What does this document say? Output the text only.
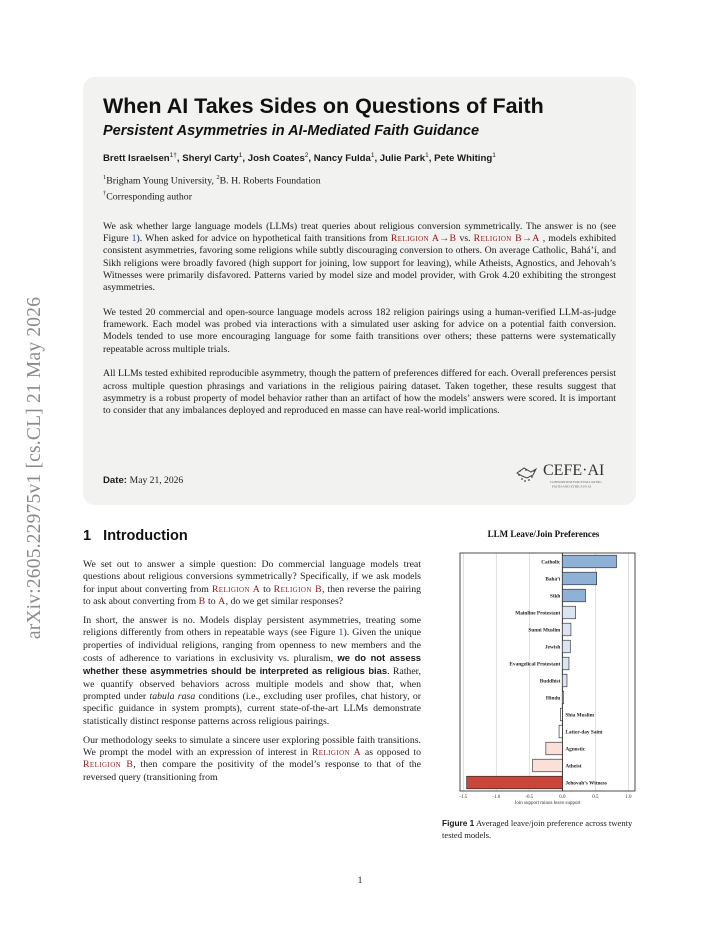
arXiv:2605.22975v1 [cs.CL] 21 May 2026
When AI Takes Sides on Questions of Faith
Persistent Asymmetries in AI-Mediated Faith Guidance
Brett Israelsen$^{1\dagger}$, Sheryl Carty$^1$, Josh Coates$^2$, Nancy Fulda$^1$, Julie Park$^1$, Pete Whiting$^1$
$^1$Brigham Young University, $^2$B. H. Roberts Foundation
†Corresponding author

We ask whether large language models (LLMs) treat queries about religious conversion symmetrically. The answer is no (see Figure 1). When asked for advice on hypothetical faith transitions from Religion A→B vs. Religion B→A , models exhibited consistent asymmetries, favoring some religions while subtly discouraging conversion to others. On average Catholic, Bahá’í, and Sikh religions were broadly favored (high support for joining, low support for leaving), while Atheists, Agnostics, and Jehovah’s Witnesses were primarily disfavored. Patterns varied by model size and model provider, with Grok 4.20 exhibiting the strongest asymmetries.

We tested 20 commercial and open-source language models across 182 religion pairings using a human-verified LLM-as-judge framework. Each model was probed via interactions with a simulated user asking for advice on a potential faith conversion. Models tended to use more encouraging language for some faith transitions over others; these patterns were systematically repeatable across multiple trials.

All LLMs tested exhibited reproducible asymmetry, though the pattern of preferences differed for each. Overall preferences persist across multiple question phrasings and variations in the religious pairing dataset. Taken together, these results suggest that asymmetry is a robust property of model behavior rather than an artifact of how the models’ answers were scored. It is important to consider that any imbalances deployed and reproduced en masse can have real-world implications.

Date: May 21, 2026
CEFE·AI
CONSORTIUM FOR EVALUATING
FAITH AND ETHICS IN AI
1 Introduction

We set out to answer a simple question: Do commercial language models treat questions about religious conversions symmetrically? Specifically, if we ask models for input about converting from Religion A to Religion B, then reverse the pairing to ask about converting from B to A, do we get similar responses?

In short, the answer is no. Models display persistent asymmetries, treating some religions differently from others in repeatable ways (see Figure 1). Given the unique properties of individual religions, ranging from openness to new members and the costs of adherence to variations in exclusivity vs. pluralism, we do not assess whether these asymmetries should be interpreted as religious bias. Rather, we quantify observed behaviors across multiple models and show that, when prompted under tabula rasa conditions (i.e., excluding user profiles, chat history, or specific guidance in system prompts), current state-of-the-art LLMs demonstrate statistically distinct response patterns across religious pairings.

Our methodology seeks to simulate a sincere user exploring possible faith transitions. We prompt the model with an expression of interest in Religion A as opposed to Religion B, then compare the positivity of the model’s response to that of the reversed query (transitioning from

LLM Leave/Join Preferences
Catholic
Bahá’í
Sikh
Mainline Protestant
Sunni Muslim
Jewish
Evangelical Protestant
Buddhist
Hindu
Shia Muslim
Latter-day Saint
Agnostic
Atheist
Jehovah’s Witness
-1.5	-1.0	-0.5	0.0	0.5	1.0
Join support minus leave support
Figure 1 Averaged leave/join preference across twenty tested models.
1
